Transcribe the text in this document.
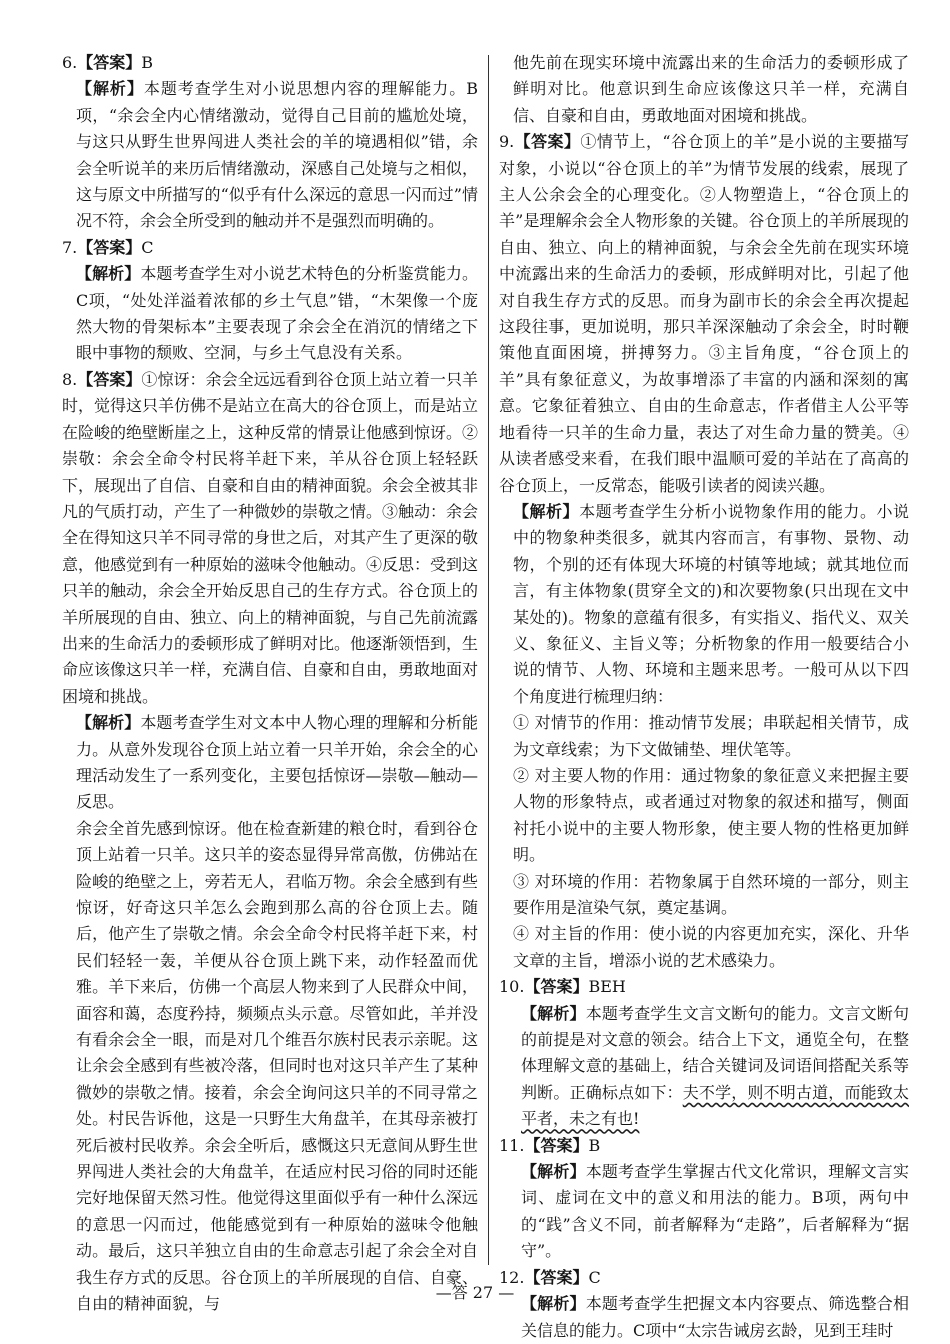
6.【答案】B

【解析】本题考查学生对小说思想内容的理解能力。B项，“余会全内心情绪激动，觉得自己目前的尴尬处境，与这只从野生世界闯进人类社会的羊的境遇相似”错，余会全听说羊的来历后情绪激动，深感自己处境与之相似，这与原文中所描写的“似乎有什么深远的意思一闪而过”情况不符，余会全所受到的触动并不是强烈而明确的。

7.【答案】C

【解析】本题考查学生对小说艺术特色的分析鉴赏能力。C项，“处处洋溢着浓郁的乡土气息”错，“木架像一个庞然大物的骨架标本”主要表现了余会全在消沉的情绪之下眼中事物的颓败、空洞，与乡土气息没有关系。

8.【答案】①惊讶：余会全远远看到谷仓顶上站立着一只羊时，觉得这只羊仿佛不是站立在高大的谷仓顶上，而是站立在险峻的绝壁断崖之上，这种反常的情景让他感到惊讶。②崇敬：余会全命令村民将羊赶下来，羊从谷仓顶上轻轻跃下，展现出了自信、自豪和自由的精神面貌。余会全被其非凡的气质打动，产生了一种微妙的崇敬之情。③触动：余会全在得知这只羊不同寻常的身世之后，对其产生了更深的敬意，他感觉到有一种原始的滋味令他触动。④反思：受到这只羊的触动，余会全开始反思自己的生存方式。谷仓顶上的羊所展现的自由、独立、向上的精神面貌，与自己先前流露出来的生命活力的委顿形成了鲜明对比。他逐渐领悟到，生命应该像这只羊一样，充满自信、自豪和自由，勇敢地面对困境和挑战。

【解析】本题考查学生对文本中人物心理的理解和分析能力。从意外发现谷仓顶上站立着一只羊开始，余会全的心理活动发生了一系列变化，主要包括惊讶—崇敬—触动—反思。

余会全首先感到惊讶。他在检查新建的粮仓时，看到谷仓顶上站着一只羊。这只羊的姿态显得异常高傲，仿佛站在险峻的绝壁之上，旁若无人，君临万物。余会全感到有些惊讶，好奇这只羊怎么会跑到那么高的谷仓顶上去。随后，他产生了崇敬之情。余会全命令村民将羊赶下来，村民们轻轻一轰，羊便从谷仓顶上跳下来，动作轻盈而优雅。羊下来后，仿佛一个高层人物来到了人民群众中间，面容和蔼，态度矜持，频频点头示意。尽管如此，羊并没有看余会全一眼，而是对几个维吾尔族村民表示亲昵。这让余会全感到有些被冷落，但同时也对这只羊产生了某种微妙的崇敬之情。接着，余会全询问这只羊的不同寻常之处。村民告诉他，这是一只野生大角盘羊，在其母亲被打死后被村民收养。余会全听后，感慨这只无意间从野生世界闯进人类社会的大角盘羊，在适应村民习俗的同时还能完好地保留天然习性。他觉得这里面似乎有一种什么深远的意思一闪而过，他能感觉到有一种原始的滋味令他触动。最后，这只羊独立自由的生命意志引起了余会全对自我生存方式的反思。谷仓顶上的羊所展现的自信、自豪、自由的精神面貌，与

他先前在现实环境中流露出来的生命活力的委顿形成了鲜明对比。他意识到生命应该像这只羊一样，充满自信、自豪和自由，勇敢地面对困境和挑战。

9.【答案】①情节上，“谷仓顶上的羊”是小说的主要描写对象，小说以“谷仓顶上的羊”为情节发展的线索，展现了主人公余会全的心理变化。②人物塑造上，“谷仓顶上的羊”是理解余会全人物形象的关键。谷仓顶上的羊所展现的自由、独立、向上的精神面貌，与余会全先前在现实环境中流露出来的生命活力的委顿，形成鲜明对比，引起了他对自我生存方式的反思。而身为副市长的余会全再次提起这段往事，更加说明，那只羊深深触动了余会全，时时鞭策他直面困境，拼搏努力。③主旨角度，“谷仓顶上的羊”具有象征意义，为故事增添了丰富的内涵和深刻的寓意。它象征着独立、自由的生命意志，作者借主人公平等地看待一只羊的生命力量，表达了对生命力量的赞美。④从读者感受来看，在我们眼中温顺可爱的羊站在了高高的谷仓顶上，一反常态，能吸引读者的阅读兴趣。

【解析】本题考查学生分析小说物象作用的能力。小说中的物象种类很多，就其内容而言，有事物、景物、动物，个别的还有体现大环境的村镇等地域；就其地位而言，有主体物象(贯穿全文的)和次要物象(只出现在文中某处的)。物象的意蕴有很多，有实指义、指代义、双关义、象征义、主旨义等；分析物象的作用一般要结合小说的情节、人物、环境和主题来思考。一般可从以下四个角度进行梳理归纳：

① 对情节的作用：推动情节发展；串联起相关情节，成为文章线索；为下文做铺垫、埋伏笔等。

② 对主要人物的作用：通过物象的象征意义来把握主要人物的形象特点，或者通过对物象的叙述和描写，侧面衬托小说中的主要人物形象，使主要人物的性格更加鲜明。

③ 对环境的作用：若物象属于自然环境的一部分，则主要作用是渲染气氛，奠定基调。

④ 对主旨的作用：使小说的内容更加充实，深化、升华文章的主旨，增添小说的艺术感染力。

10.【答案】BEH

【解析】本题考查学生文言文断句的能力。文言文断句的前提是对文意的领会。结合上下文，通览全句，在整体理解文意的基础上，结合关键词及词语间搭配关系等判断。正确标点如下：夫不学，则不明古道，而能致太平者，未之有也!

11.【答案】B

【解析】本题考查学生掌握古代文化常识，理解文言实词、虚词在文中的意义和用法的能力。B项，两句中的“践”含义不同，前者解释为“走路”，后者解释为“据守”。

12.【答案】C

【解析】本题考查学生把握文本内容要点、筛选整合相关信息的能力。C项中“太宗告诫房玄龄，见到王珪时

—答 27 —
